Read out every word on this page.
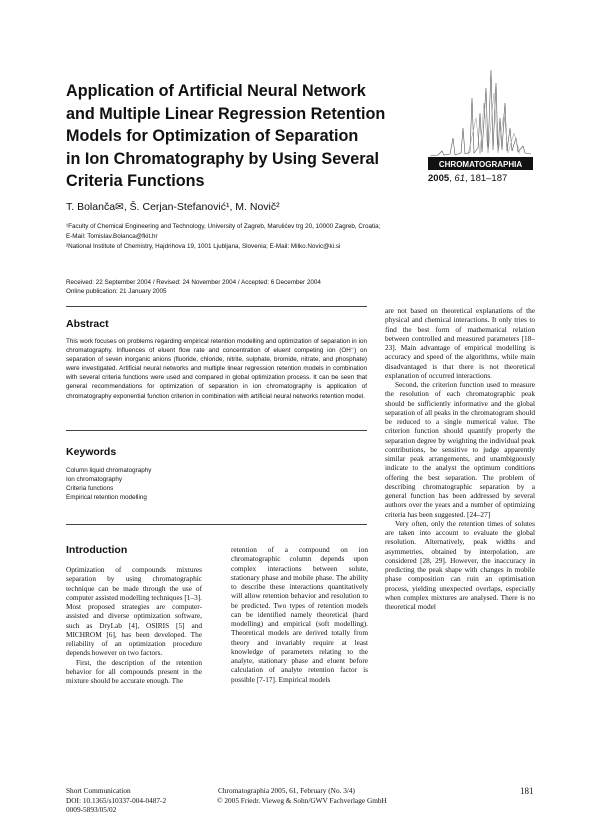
Application of Artificial Neural Network
and Multiple Linear Regression Retention
Models for Optimization of Separation
in Ion Chromatography by Using Several
Criteria Functions
CHROMATOGRAPHIA
2005, 61, 181–187
T. Bolanča✉, Š. Cerjan-Stefanović¹, M. Novič²
¹Faculty of Chemical Engineering and Technology, University of Zagreb, Marulićev trg 20, 10000 Zagreb, Croatia;
E-Mail: Tomislav.Bolanca@fkit.hr
²National Institute of Chemistry, Hajdrihova 19, 1001 Ljubljana, Slovenia; E-Mail: Milko.Novic@ki.si
Received: 22 September 2004 / Revised: 24 November 2004 / Accepted: 6 December 2004
Online publication: 21 January 2005
Abstract
This work focuses on problems regarding empirical retention modelling and optimization of separation in ion chromatography. Influences of eluent flow rate and concentration of eluent competing ion (OH⁻) on separation of seven inorganic anions (fluoride, chloride, nitrite, sulphate, bromide, nitrate, and phosphate) were investigated. Artificial neural networks and multiple linear regression retention models in combination with several criteria functions were used and compared in global optimization process. It can be seen that general recommendations for optimization of separation in ion chromatography is application of chromatography exponential function criterion in combination with artificial neural networks retention model.
Keywords
Column liquid chromatography
Ion chromatography
Criteria functions
Empirical retention modelling
Introduction

Optimization of compounds mixtures separation by using chromatographic technique can be made through the use of computer assisted modelling techniques [1–3]. Most proposed strategies are computer-assisted and diverse optimization software, such as DryLab [4], OSIRIS [5] and MICHROM [6], has been developed. The reliability of an optimization procedure depends however on two factors.

First, the description of the retention behavior for all compounds present in the mixture should be accurate enough. The

retention of a compound on ion chromatographic column depends upon complex interactions between solute, stationary phase and mobile phase. The ability to describe these interactions quantitatively will allow retention behavior and resolution to be predicted. Two types of retention models can be identified namely theoretical (hard modelling) and empirical (soft modelling). Theoretical models are derived totally from theory and invariably require at least knowledge of parameters relating to the analyte, stationary phase and eluent before calculation of analyte retention factor is possible [7-17]. Empirical models

are not based on theoretical explanations of the physical and chemical interactions. It only tries to find the best form of mathematical relation between controlled and measured parameters [18–23]. Main advantage of empirical modelling is accuracy and speed of the algorithms, while main disadvantaged is that there is not theoretical explanation of occurred interactions.

Second, the criterion function used to measure the resolution of each chromatographic peak should be sufficiently informative and the global separation of all peaks in the chromatogram should be reduced to a single numerical value. The criterion function should quantify properly the separation degree by weighting the individual peak contributions, be sensitive to judge apparently similar peak arrangements, and unambiguously indicate to the analyst the optimum conditions offering the best separation. The problem of describing chromatographic separation by a general function has been addressed by several authors over the years and a number of optimizing criteria has been suggested. [24–27]

Very often, only the retention times of solutes are taken into account to evaluate the global resolution. Alternatively, peak widths and asymmetries, obtained by interpolation, are considered [28, 29]. However, the inaccuracy in predicting the peak shape with changes in mobile phase composition can ruin an optimisation process, yielding unexpected overlaps, especially when complex mixtures are analysed. There is no theoretical model

Short Communication
DOI: 10.1365/s10337-004-0487-2
0009-5893/05/02
Chromatographia 2005, 61, February (No. 3/4)
© 2005 Friedr. Vieweg & Sohn/GWV Fachverlage GmbH
181
